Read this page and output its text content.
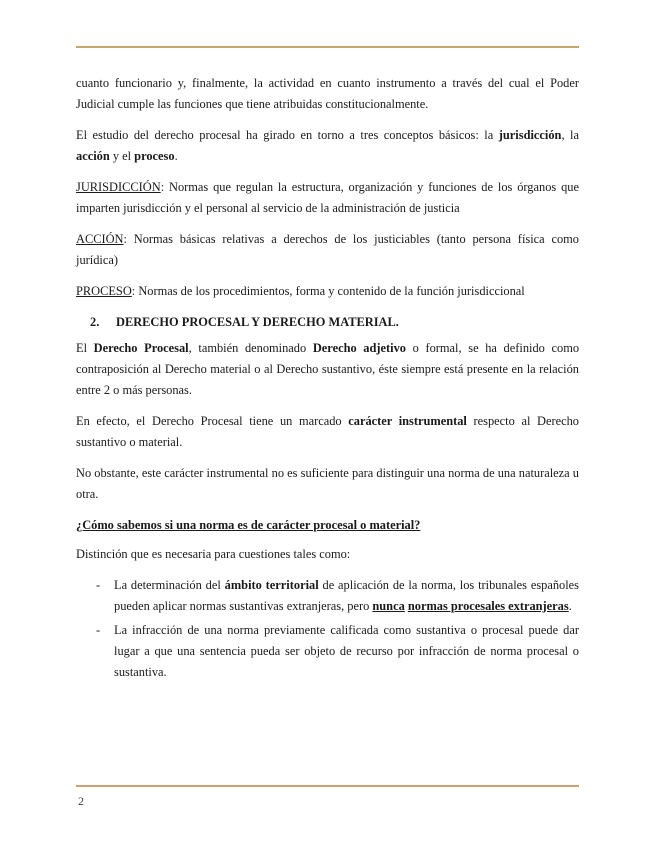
cuanto funcionario y, finalmente, la actividad en cuanto instrumento a través del cual el Poder Judicial cumple las funciones que tiene atribuidas constitucionalmente.

El estudio del derecho procesal ha girado en torno a tres conceptos básicos: la jurisdicción, la acción y el proceso.

JURISDICCIÓN: Normas que regulan la estructura, organización y funciones de los órganos que imparten jurisdicción y el personal al servicio de la administración de justicia

ACCIÓN: Normas básicas relativas a derechos de los justiciables (tanto persona física como jurídica)

PROCESO: Normas de los procedimientos, forma y contenido de la función jurisdiccional

2. DERECHO PROCESAL Y DERECHO MATERIAL.

El Derecho Procesal, también denominado Derecho adjetivo o formal, se ha definido como contraposición al Derecho material o al Derecho sustantivo, éste siempre está presente en la relación entre 2 o más personas.

En efecto, el Derecho Procesal tiene un marcado carácter instrumental respecto al Derecho sustantivo o material.

No obstante, este carácter instrumental no es suficiente para distinguir una norma de una naturaleza u otra.

¿Cómo sabemos si una norma es de carácter procesal o material?

Distinción que es necesaria para cuestiones tales como:

- La determinación del ámbito territorial de aplicación de la norma, los tribunales españoles pueden aplicar normas sustantivas extranjeras, pero nunca normas procesales extranjeras.
- La infracción de una norma previamente calificada como sustantiva o procesal puede dar lugar a que una sentencia pueda ser objeto de recurso por infracción de norma procesal o sustantiva.
2
